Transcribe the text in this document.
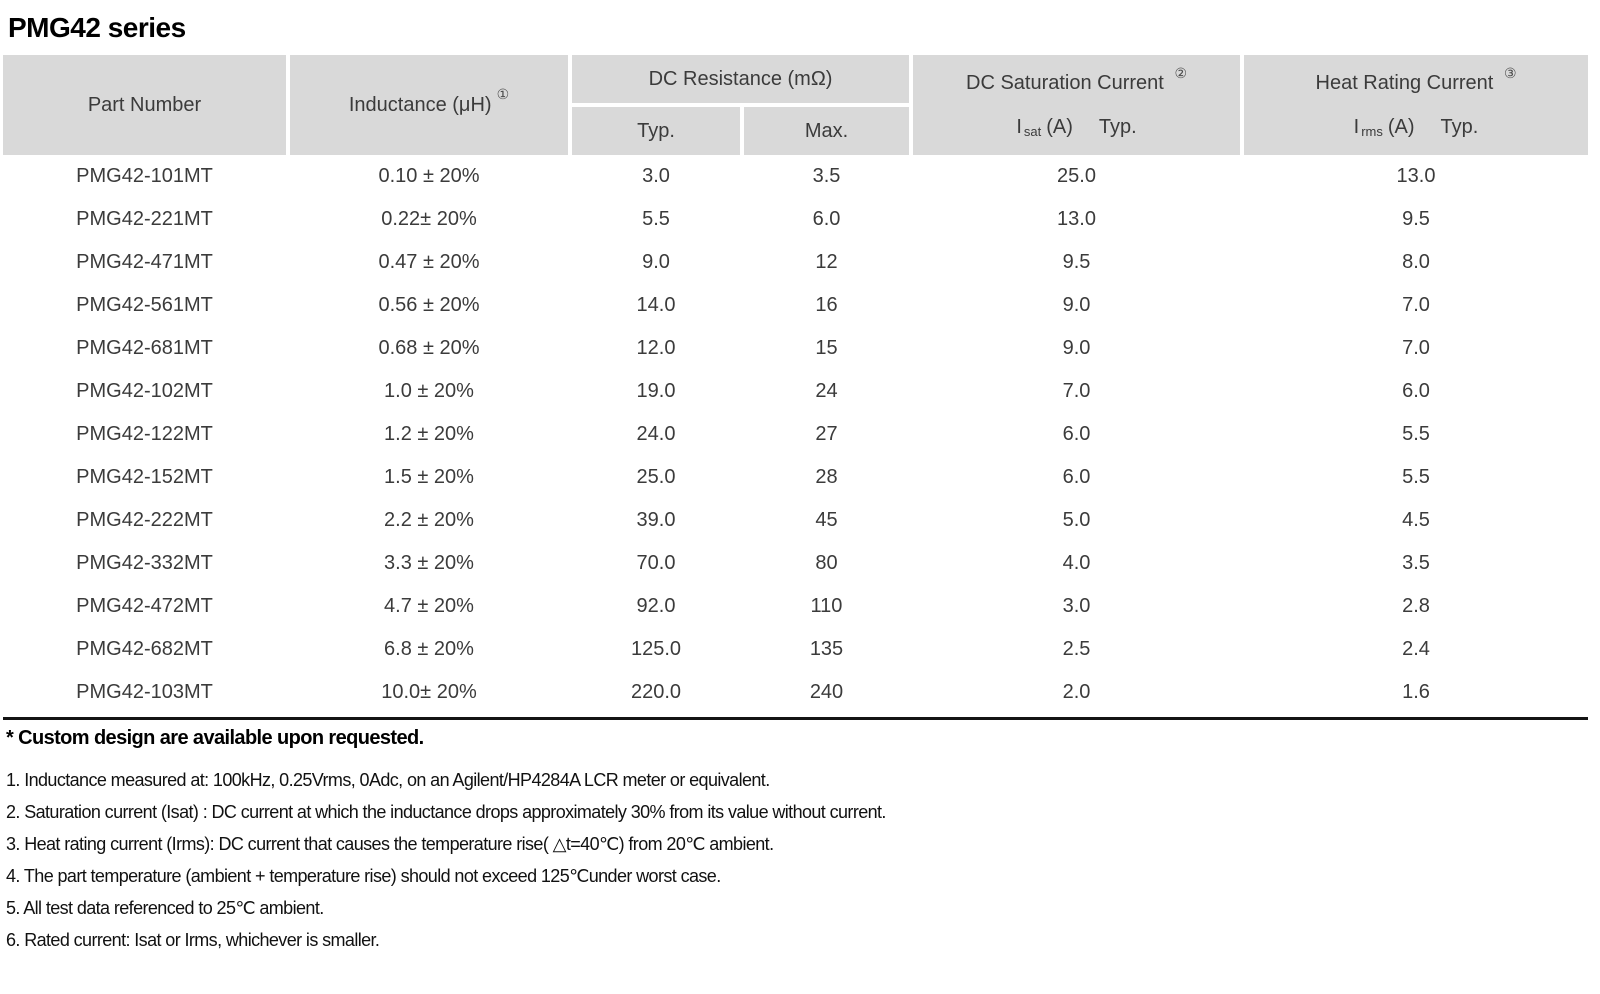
PMG42 series
Part Number	Inductance (μH) ①
DC Resistance (mΩ)
Typ.	Max.
DC Saturation Current ②
$I_{sat}$ (A) Typ.
Heat Rating Current ③
$I_{rms}$ (A) Typ.
PMG42-101MT	0.10 ± 20%	3.0	3.5	25.0	13.0
PMG42-221MT	0.22± 20%	5.5	6.0	13.0	9.5
PMG42-471MT	0.47 ± 20%	9.0	12	9.5	8.0
PMG42-561MT	0.56 ± 20%	14.0	16	9.0	7.0
PMG42-681MT	0.68 ± 20%	12.0	15	9.0	7.0
PMG42-102MT	1.0 ± 20%	19.0	24	7.0	6.0
PMG42-122MT	1.2 ± 20%	24.0	27	6.0	5.5
PMG42-152MT	1.5 ± 20%	25.0	28	6.0	5.5
PMG42-222MT	2.2 ± 20%	39.0	45	5.0	4.5
PMG42-332MT	3.3 ± 20%	70.0	80	4.0	3.5
PMG42-472MT	4.7 ± 20%	92.0	110	3.0	2.8
PMG42-682MT	6.8 ± 20%	125.0	135	2.5	2.4
PMG42-103MT	10.0± 20%	220.0	240	2.0	1.6
* Custom design are available upon requested.
1. Inductance measured at: 100kHz, 0.25Vrms, 0Adc, on an Agilent/HP4284A LCR meter or equivalent.
2. Saturation current (Isat) : DC current at which the inductance drops approximately 30% from its value without current.
3. Heat rating current (Irms): DC current that causes the temperature rise( △t=40℃) from 20℃ ambient.
4. The part temperature (ambient + temperature rise) should not exceed 125℃under worst case.
5. All test data referenced to 25℃ ambient.
6. Rated current: Isat or Irms, whichever is smaller.
